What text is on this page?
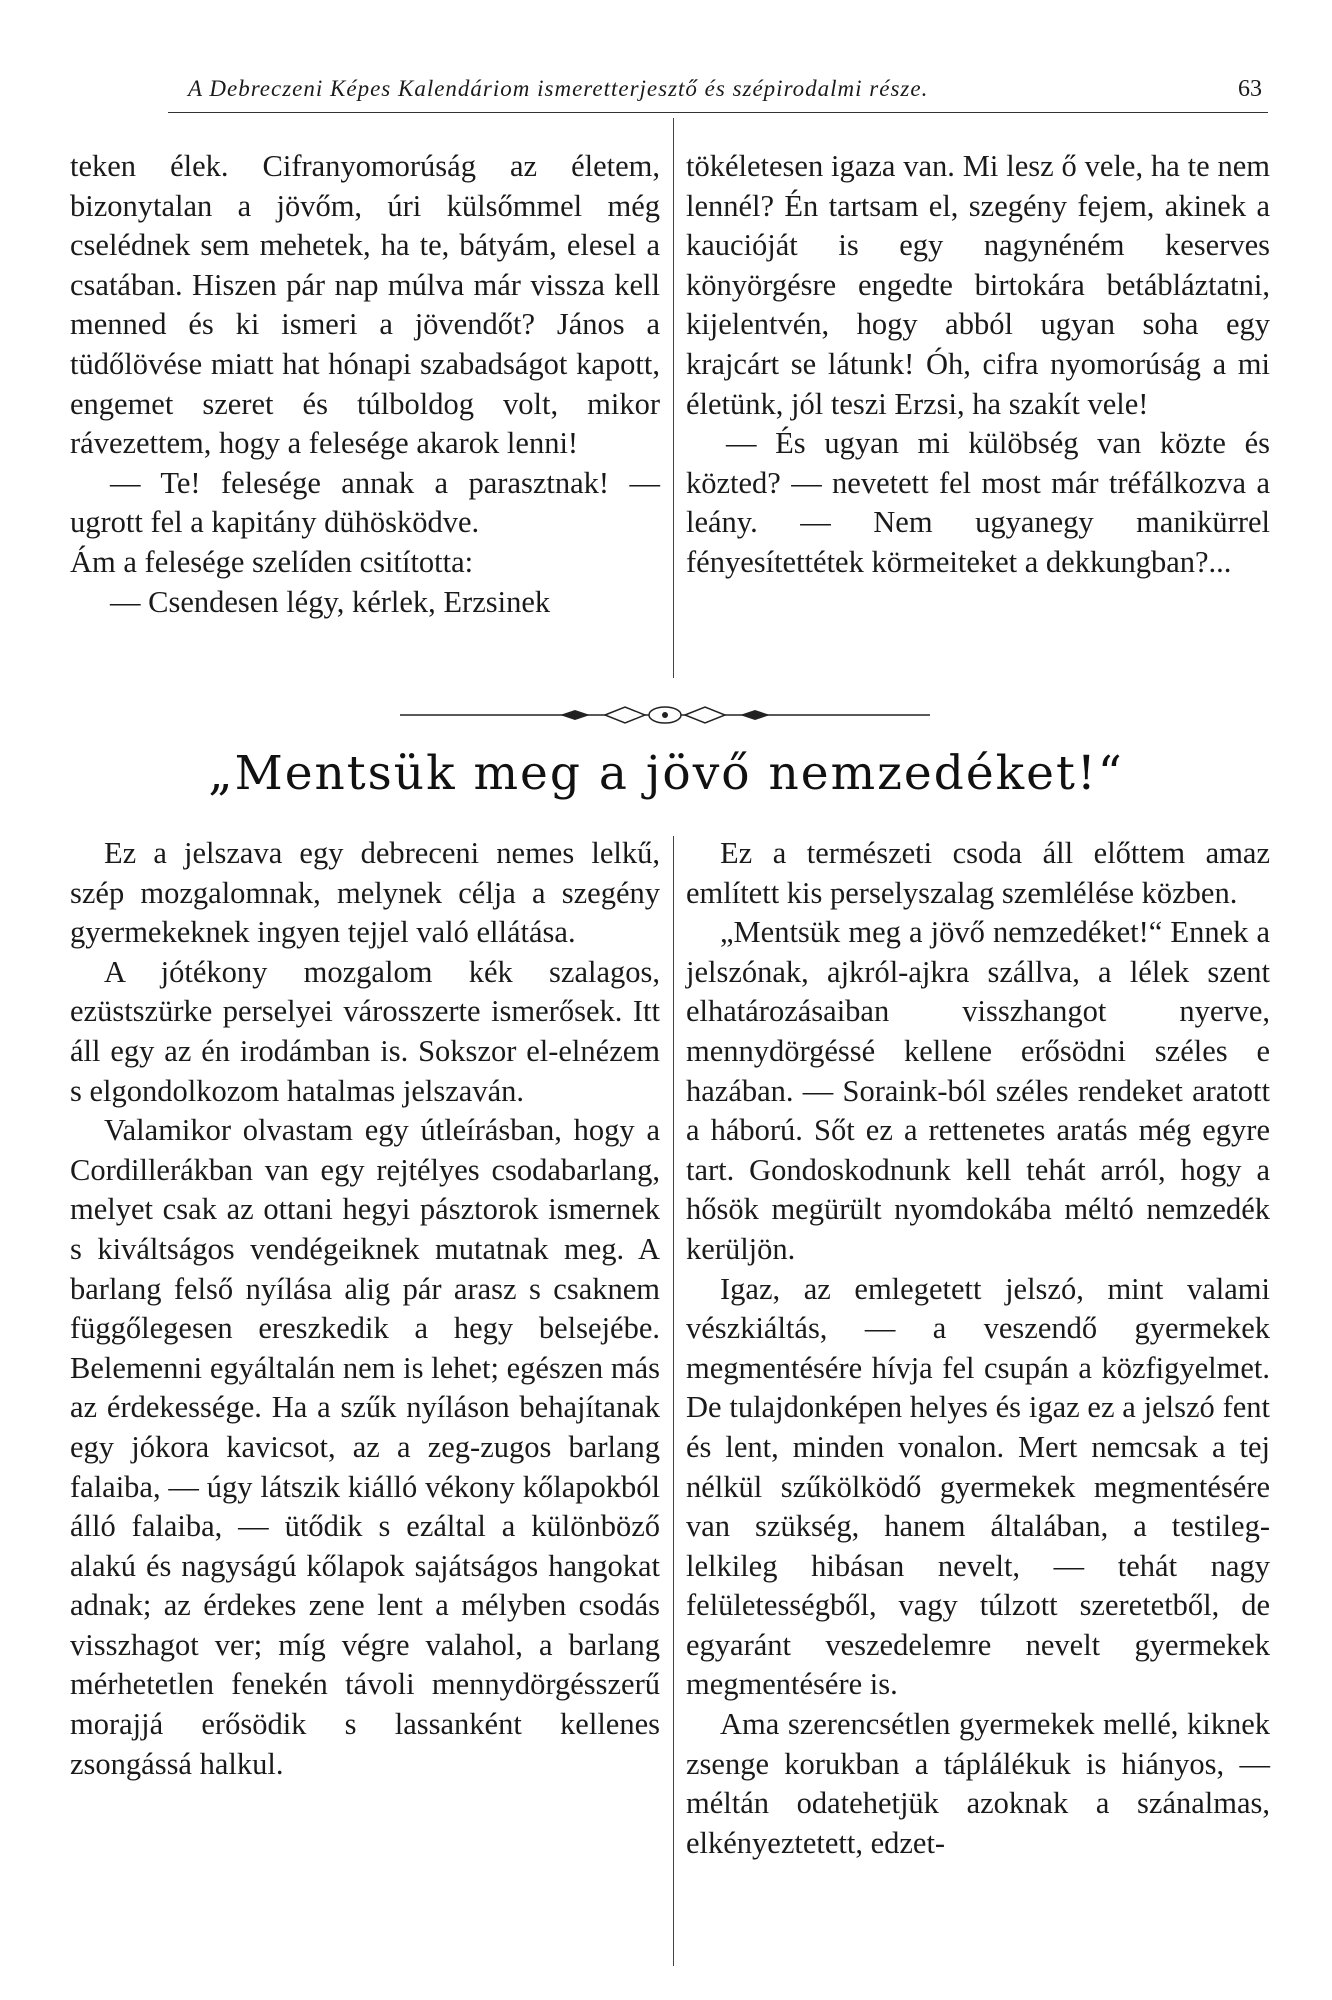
A Debreczeni Képes Kalendáriom ismeretterjesztő és szépirodalmi része.	63

teken élek. Cifranyomorúság az életem, bizonytalan a jövőm, úri külsőmmel még cselédnek sem mehetek, ha te, bátyám, elesel a csatában. Hiszen pár nap múlva már vissza kell menned és ki ismeri a jövendőt? János a tüdőlövése miatt hat hónapi szabadságot kapott, engemet szeret és túlboldog volt, mikor rávezettem, hogy a felesége akarok lenni!

— Te! felesége annak a parasztnak! — ugrott fel a kapitány dühösködve.

Ám a felesége szelíden csitította:

— Csendesen légy, kérlek, Erzsinek

tökéletesen igaza van. Mi lesz ő vele, ha te nem lennél? Én tartsam el, szegény fejem, akinek a kaucióját is egy nagynéném keserves könyörgésre engedte birtokára betábláztatni, kijelentvén, hogy abból ugyan soha egy krajcárt se látunk! Óh, cifra nyomorúság a mi életünk, jól teszi Erzsi, ha szakít vele!

— És ugyan mi külöbség van közte és közted? — nevetett fel most már tréfálkozva a leány. — Nem ugyanegy manikürrel fényesítettétek körmeiteket a dekkungban?...

„Mentsük meg a jövő nemzedéket!“

Ez a jelszava egy debreceni nemes lelkű, szép mozgalomnak, melynek célja a szegény gyermekeknek ingyen tejjel való ellátása.

A jótékony mozgalom kék szalagos, ezüstszürke perselyei városszerte ismerősek. Itt áll egy az én irodámban is. Sokszor el-elnézem s elgondolkozom hatalmas jelszaván.

Valamikor olvastam egy útleírásban, hogy a Cordillerákban van egy rejtélyes csodabarlang, melyet csak az ottani hegyi pásztorok ismernek s kiváltságos vendégeiknek mutatnak meg. A barlang felső nyílása alig pár arasz s csaknem függőlegesen ereszkedik a hegy belsejébe. Belemenni egyáltalán nem is lehet; egészen más az érdekessége. Ha a szűk nyíláson behajítanak egy jókora kavicsot, az a zeg-zugos barlang falaiba, — úgy látszik kiálló vékony kőlapokból álló falaiba, — ütődik s ezáltal a különböző alakú és nagyságú kőlapok sajátságos hangokat adnak; az érdekes zene lent a mélyben csodás visszhagot ver; míg végre valahol, a barlang mérhetetlen fenekén távoli mennydörgésszerű morajjá erősödik s lassanként kellenes zsongássá halkul.

Ez a természeti csoda áll előttem amaz említett kis perselyszalag szemlélése közben.

„Mentsük meg a jövő nemzedéket!“ Ennek a jelszónak, ajkról-ajkra szállva, a lélek szent elhatározásaiban visszhangot nyerve, mennydörgéssé kellene erősödni széles e hazában. — Soraink-ból széles rendeket aratott a háború. Sőt ez a rettenetes aratás még egyre tart. Gondoskodnunk kell tehát arról, hogy a hősök megürült nyomdokába méltó nemzedék kerüljön.

Igaz, az emlegetett jelszó, mint valami vészkiáltás, — a veszendő gyermekek megmentésére hívja fel csupán a közfigyelmet. De tulajdonképen helyes és igaz ez a jelszó fent és lent, minden vonalon. Mert nemcsak a tej nélkül szűkölködő gyermekek megmentésére van szükség, hanem általában, a testileg-lelkileg hibásan nevelt, — tehát nagy felületességből, vagy túlzott szeretetből, de egyaránt veszedelemre nevelt gyermekek megmentésére is.

Ama szerencsétlen gyermekek mellé, kiknek zsenge korukban a táplálékuk is hiányos, — méltán odatehetjük azoknak a szánalmas, elkényeztetett, edzet-
